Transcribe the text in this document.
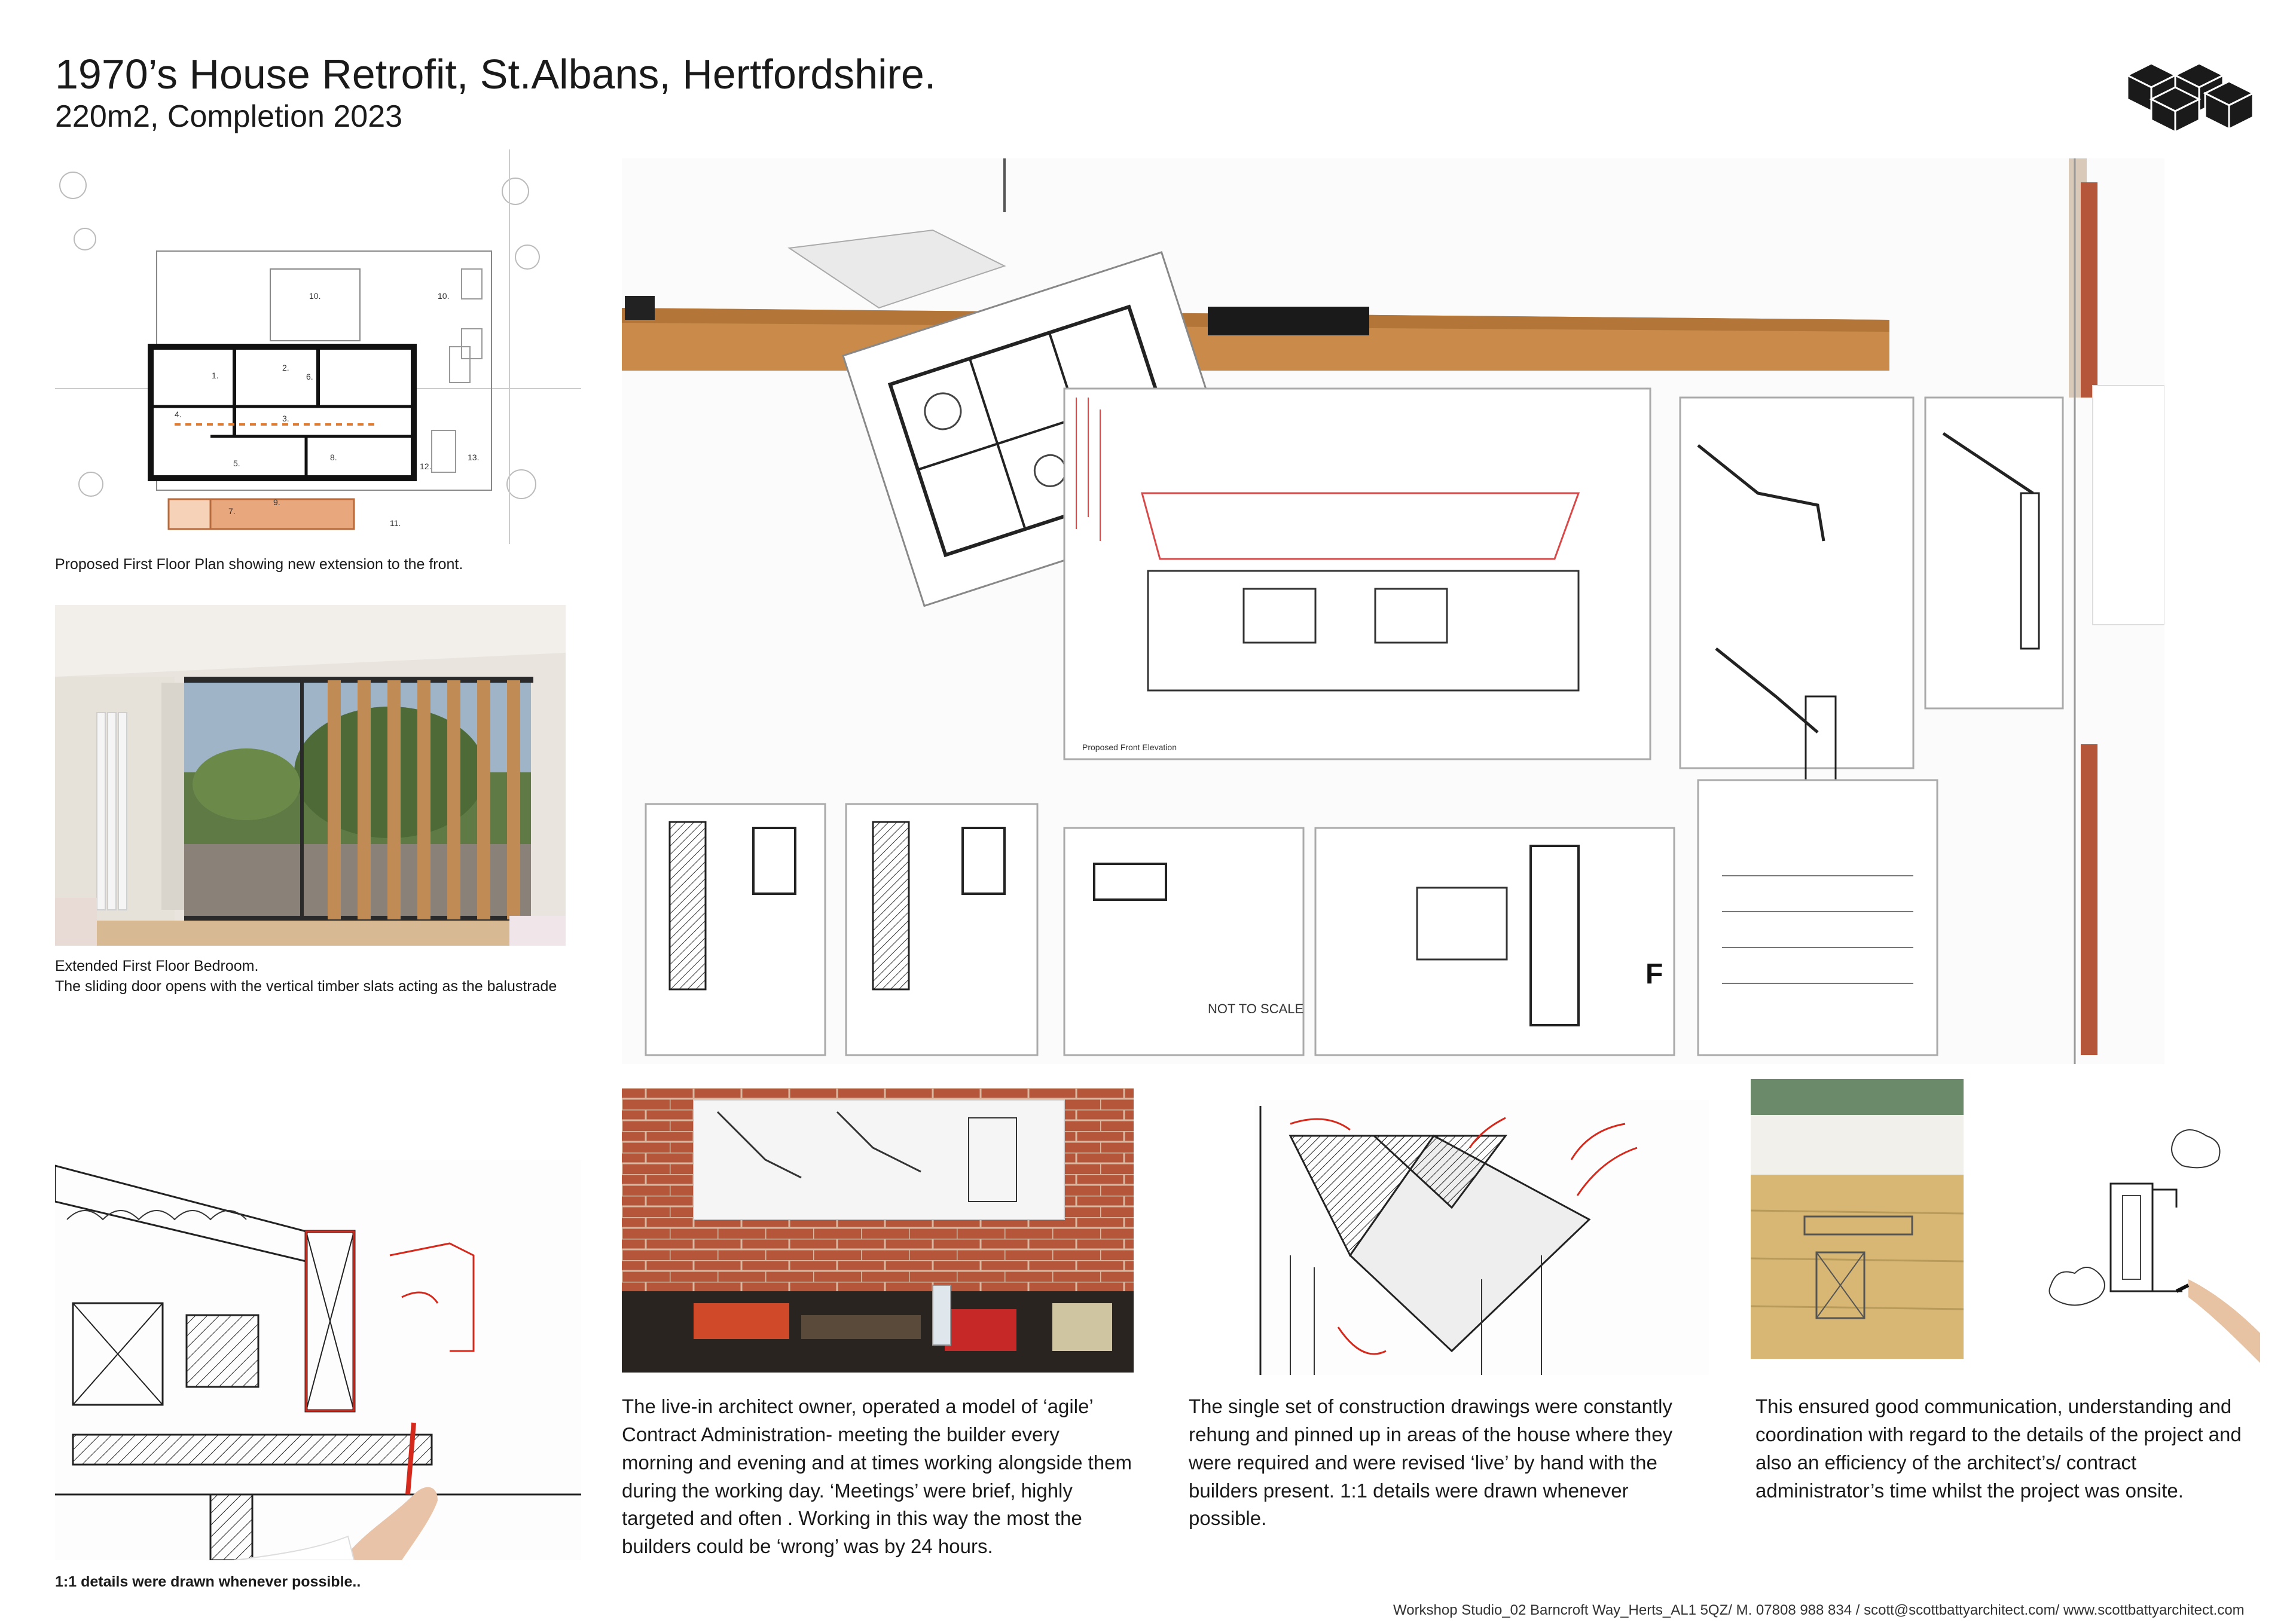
1970’s House Retrofit, St.Albans, Hertfordshire.
220m2, Completion 2023
1.
2.
3.
4.
5.
6.
7.
8.
9.
10.	10.
11.
12.
13.
Proposed First Floor Plan showing new extension to the front.
Extended First Floor Bedroom.
The sliding door opens with the vertical timber slats acting as the balustrade
Proposed Front Elevation
NOT TO SCALE
F
1:1 details were drawn whenever possible..
The live-in architect owner, operated a model of ‘agile’ Contract Administration- meeting the builder every morning and evening and at times working alongside them during the working day. ‘Meetings’ were brief, highly targeted and often . Working in this way the most the builders could be ‘wrong’ was by 24 hours.
The single set of construction drawings were constantly rehung and pinned up in areas of the house where they were required and were revised ‘live’ by hand with the builders present. 1:1 details were drawn whenever possible.
This ensured good communication, understanding and coordination with regard to the details of the project and also an efficiency of the architect’s/ contract administrator’s time whilst the project was onsite.
Workshop Studio_02 Barncroft Way_Herts_AL1 5QZ/ M. 07808 988 834 / scott@scottbattyarchitect.com/ www.scottbattyarchitect.com
